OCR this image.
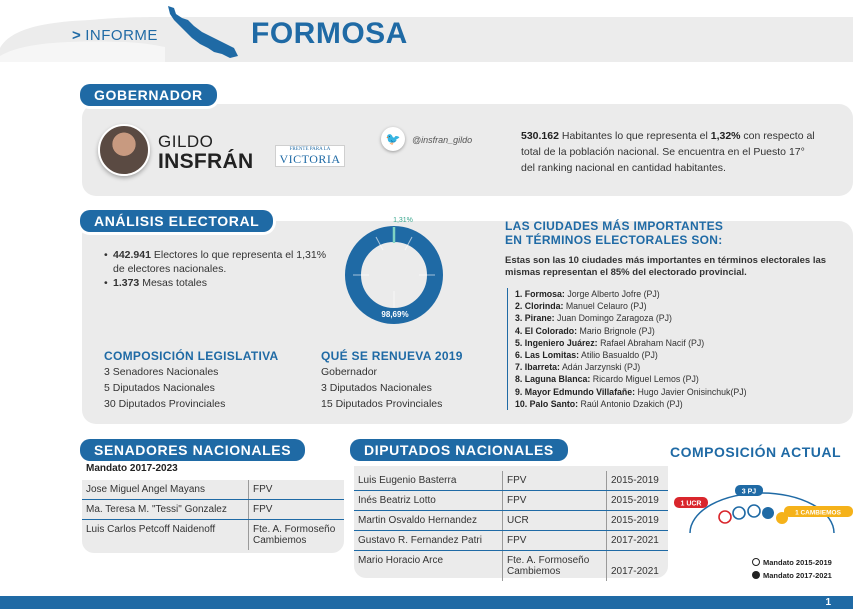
> INFORME	FORMOSA
GOBERNADOR
GILDO
INSFRÁN
FRENTE PARA LA
VICTORIA
🐦	@insfran_gildo	530.162 Habitantes lo que representa el 1,32% con respecto al total de la población nacional. Se encuentra en el Puesto 17° del ranking nacional en cantidad habitantes.
ANÁLISIS ELECTORAL
• 442.941 Electores lo que representa el 1,31% de electores nacionales.
• 1.373 Mesas totales
1,31%
98,69%
COMPOSICIÓN LEGISLATIVA
3 Senadores Nacionales
5 Diputados Nacionales
30 Diputados Provinciales
QUÉ SE RENUEVA 2019
Gobernador
3 Diputados Nacionales
15 Diputados Provinciales
LAS CIUDADES MÁS IMPORTANTES
EN TÉRMINOS ELECTORALES SON:
Estas son las 10 ciudades más importantes en términos electorales las mismas representan el 85% del electorado provincial.
1. Formosa: Jorge Alberto Jofre (PJ)
2. Clorinda: Manuel Celauro (PJ)
3. Pirane: Juan Domingo Zaragoza (PJ)
4. El Colorado: Mario Brignole (PJ)
5. Ingeniero Juárez: Rafael Abraham Nacif (PJ)
6. Las Lomitas: Atilio Basualdo (PJ)
7. Ibarreta: Adán Jarzynski (PJ)
8. Laguna Blanca: Ricardo Miguel Lemos (PJ)
9. Mayor Edmundo Villafañe: Hugo Javier Onisinchuk(PJ)
10. Palo Santo: Raúl Antonio Dzakich (PJ)
SENADORES NACIONALES
Mandato 2017-2023
Jose Miguel Angel Mayans	FPV
Ma. Teresa M. "Tessi" Gonzalez	FPV
Luis Carlos Petcoff Naidenoff	Fte. A. Formoseño Cambiemos
DIPUTADOS NACIONALES
Luis Eugenio Basterra	FPV	2015-2019
Inés Beatriz Lotto	FPV	2015-2019
Martin Osvaldo Hernandez	UCR	2015-2019
Gustavo R. Fernandez Patri	FPV	2017-2021
Mario Horacio Arce	Fte. A. Formoseño Cambiemos	2017-2021
COMPOSICIÓN ACTUAL
1 UCR
3 PJ
1 CAMBIEMOS
Mandato 2015-2019
Mandato 2017-2021
1
